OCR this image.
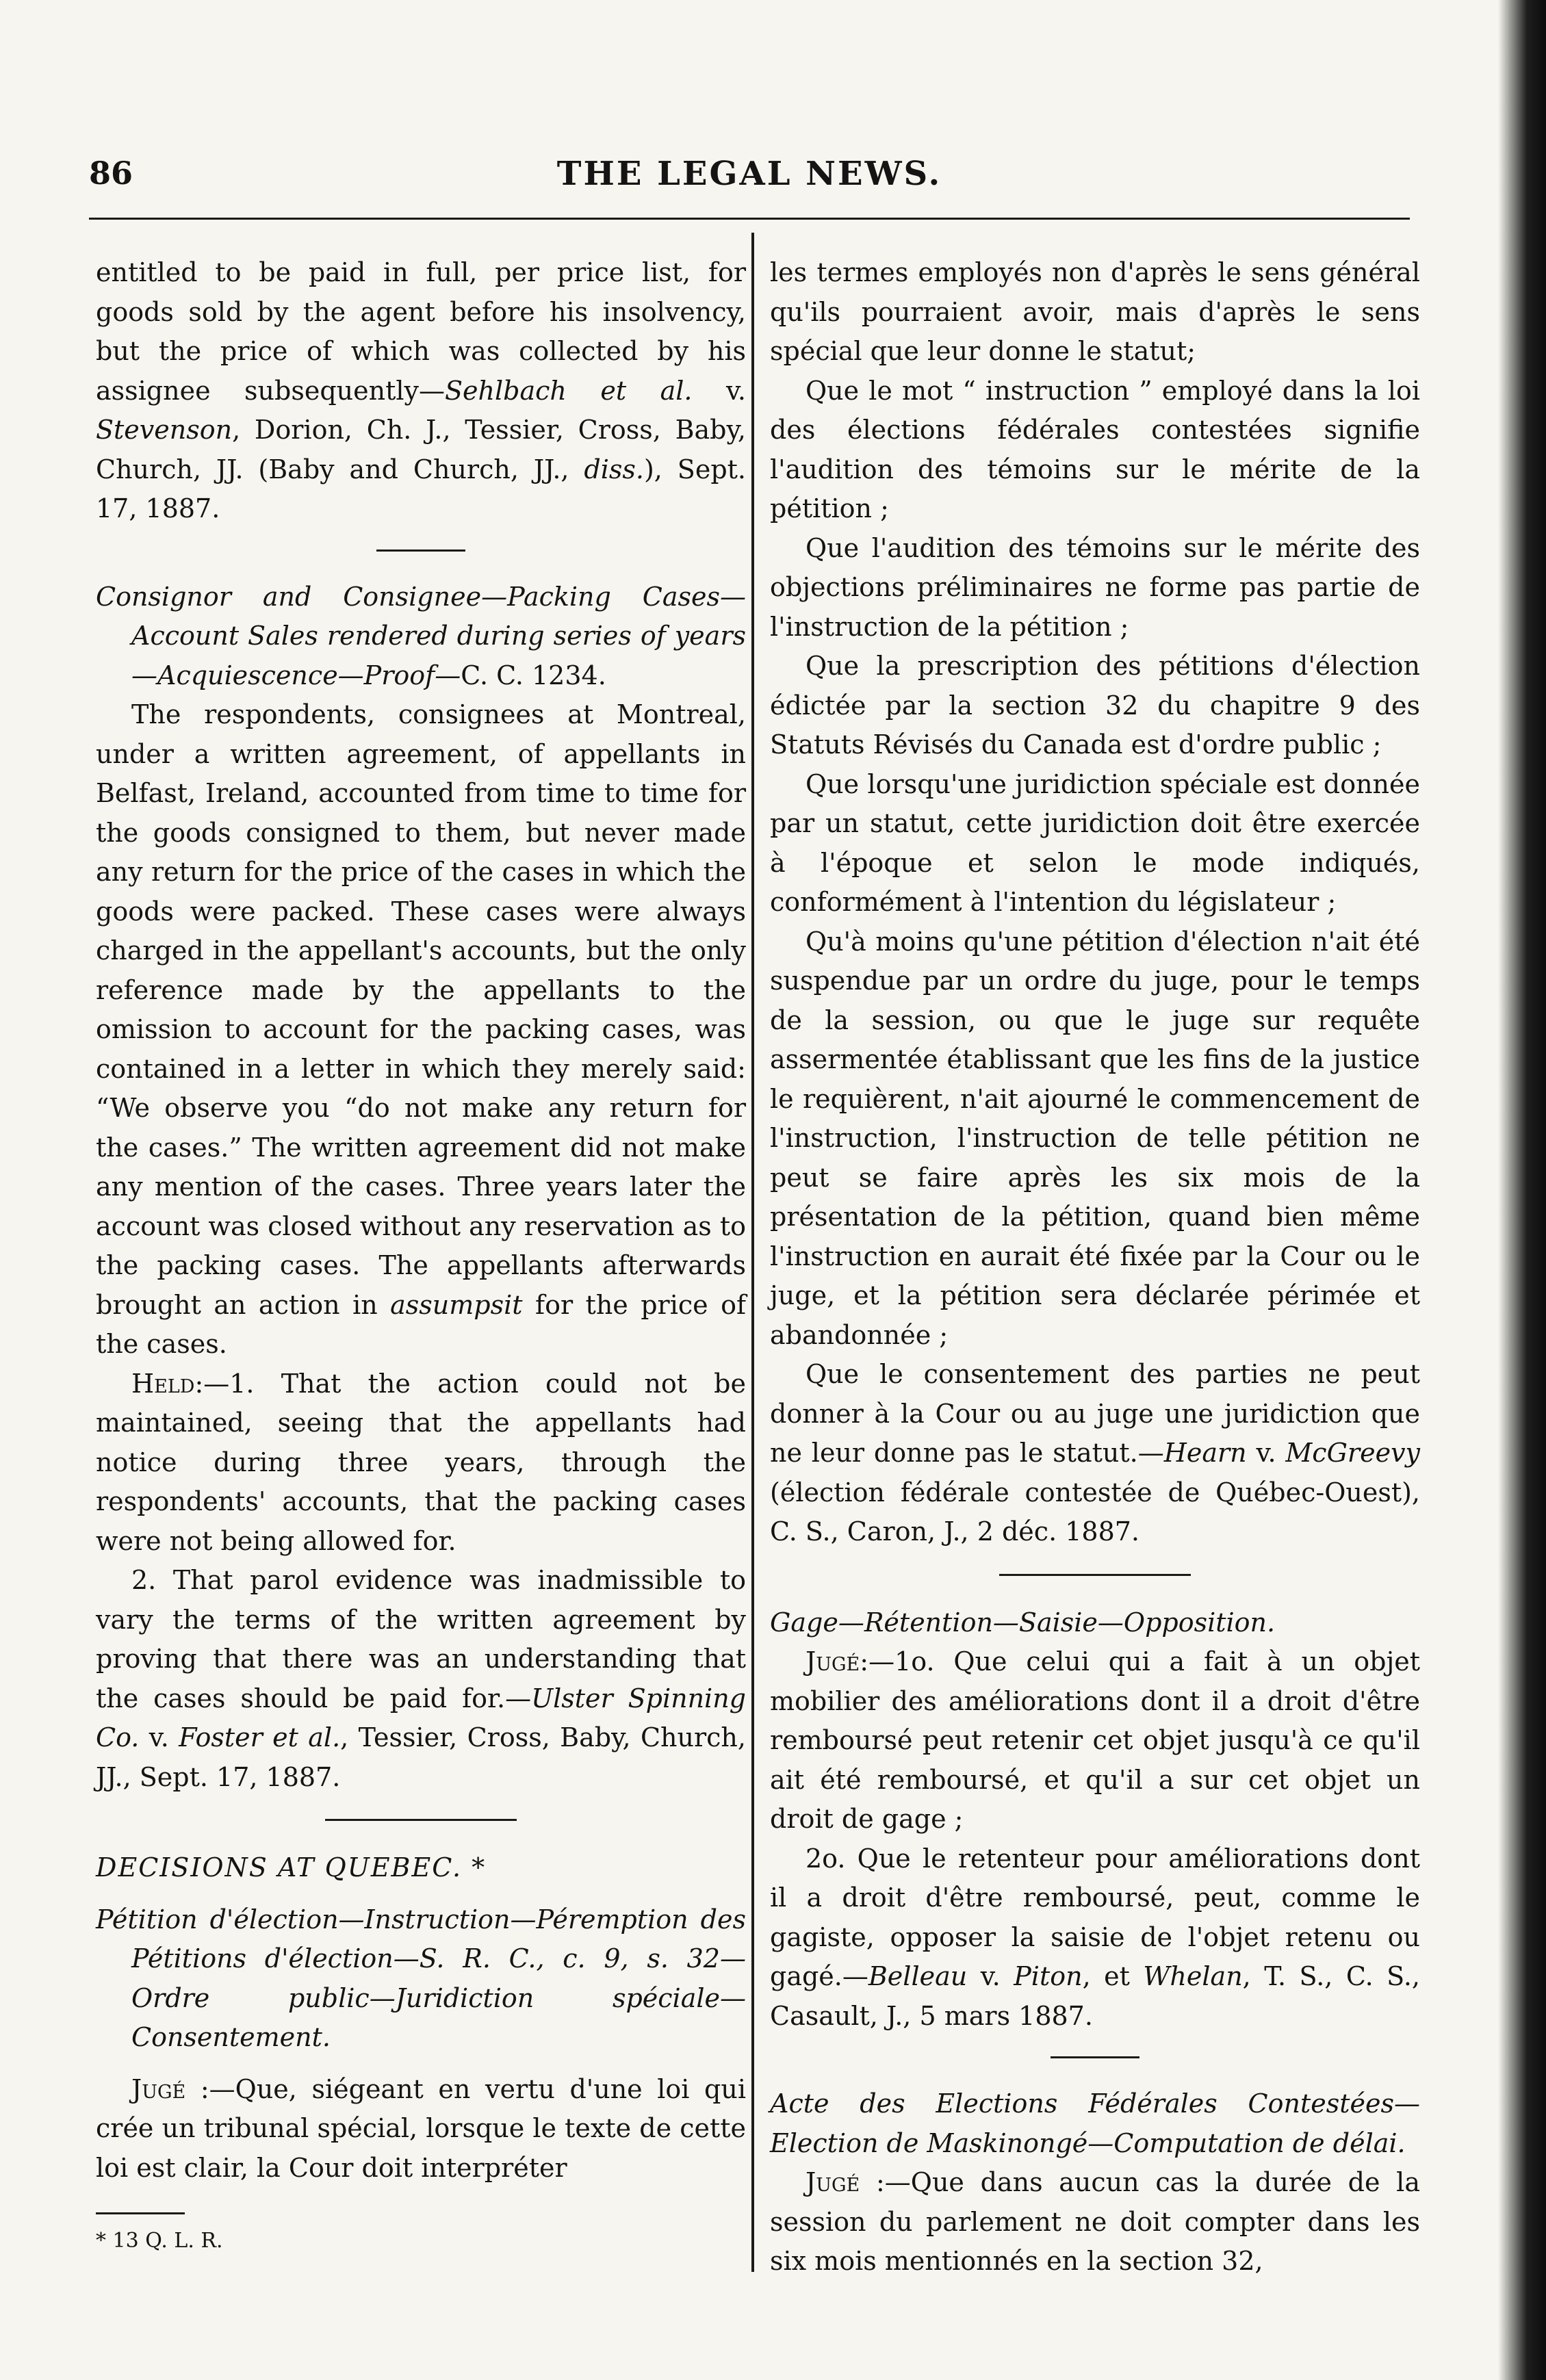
86	THE LEGAL NEWS.

entitled to be paid in full, per price list, for goods sold by the agent before his insolvency, but the price of which was collected by his assignee subsequently—Sehlbach et al. v. Stevenson, Dorion, Ch. J., Tessier, Cross, Baby, Church, JJ. (Baby and Church, JJ., diss.), Sept. 17, 1887.

Consignor and Consignee—Packing Cases—Account Sales rendered during series of years—Acquiescence—Proof—C. C. 1234.

The respondents, consignees at Montreal, under a written agreement, of appellants in Belfast, Ireland, accounted from time to time for the goods consigned to them, but never made any return for the price of the cases in which the goods were packed. These cases were always charged in the appellant's accounts, but the only reference made by the appellants to the omission to account for the packing cases, was contained in a letter in which they merely said: “We observe you “do not make any return for the cases.” The written agreement did not make any mention of the cases. Three years later the account was closed without any reservation as to the packing cases. The appellants afterwards brought an action in assumpsit for the price of the cases.

Held:—1. That the action could not be maintained, seeing that the appellants had notice during three years, through the respondents' accounts, that the packing cases were not being allowed for.

2. That parol evidence was inadmissible to vary the terms of the written agreement by proving that there was an understanding that the cases should be paid for.—Ulster Spinning Co. v. Foster et al., Tessier, Cross, Baby, Church, JJ., Sept. 17, 1887.

DECISIONS AT QUEBEC. *

Pétition d'élection—Instruction—Péremption des Pétitions d'élection—S. R. C., c. 9, s. 32—Ordre public—Juridiction spéciale—Consentement.

Jugé :—Que, siégeant en vertu d'une loi qui crée un tribunal spécial, lorsque le texte de cette loi est clair, la Cour doit interpréter

* 13 Q. L. R.

les termes employés non d'après le sens général qu'ils pourraient avoir, mais d'après le sens spécial que leur donne le statut;

Que le mot “ instruction ” employé dans la loi des élections fédérales contestées signifie l'audition des témoins sur le mérite de la pétition ;

Que l'audition des témoins sur le mérite des objections préliminaires ne forme pas partie de l'instruction de la pétition ;

Que la prescription des pétitions d'élection édictée par la section 32 du chapitre 9 des Statuts Révisés du Canada est d'ordre public ;

Que lorsqu'une juridiction spéciale est donnée par un statut, cette juridiction doit être exercée à l'époque et selon le mode indiqués, conformément à l'intention du législateur ;

Qu'à moins qu'une pétition d'élection n'ait été suspendue par un ordre du juge, pour le temps de la session, ou que le juge sur requête assermentée établissant que les fins de la justice le requièrent, n'ait ajourné le commencement de l'instruction, l'instruction de telle pétition ne peut se faire après les six mois de la présentation de la pétition, quand bien même l'instruction en aurait été fixée par la Cour ou le juge, et la pétition sera déclarée périmée et abandonnée ;

Que le consentement des parties ne peut donner à la Cour ou au juge une juridiction que ne leur donne pas le statut.—Hearn v. McGreevy (élection fédérale contestée de Québec-Ouest), C. S., Caron, J., 2 déc. 1887.

Gage—Rétention—Saisie—Opposition.

Jugé:—1o. Que celui qui a fait à un objet mobilier des améliorations dont il a droit d'être remboursé peut retenir cet objet jusqu'à ce qu'il ait été remboursé, et qu'il a sur cet objet un droit de gage ;

2o. Que le retenteur pour améliorations dont il a droit d'être remboursé, peut, comme le gagiste, opposer la saisie de l'objet retenu ou gagé.—Belleau v. Piton, et Whelan, T. S., C. S., Casault, J., 5 mars 1887.

Acte des Elections Fédérales Contestées—Election de Maskinongé—Computation de délai.

Jugé :—Que dans aucun cas la durée de la session du parlement ne doit compter dans les six mois mentionnés en la section 32,
